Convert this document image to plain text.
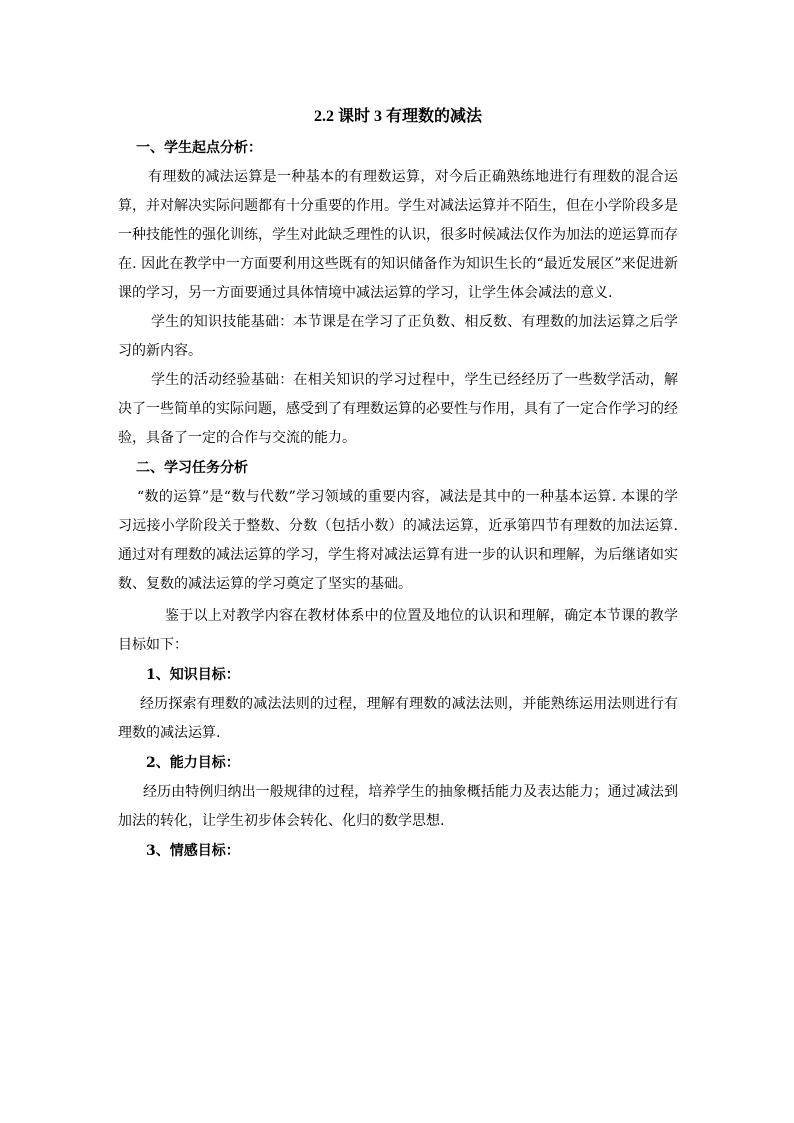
2.2 课时 3 有理数的减法
一、学生起点分析：

有理数的减法运算是一种基本的有理数运算，对今后正确熟练地进行有理数的混合运算，并对解决实际问题都有十分重要的作用。学生对减法运算并不陌生，但在小学阶段多是一种技能性的强化训练，学生对此缺乏理性的认识，很多时候减法仅作为加法的逆运算而存在. 因此在教学中一方面要利用这些既有的知识储备作为知识生长的“最近发展区”来促进新课的学习，另一方面要通过具体情境中减法运算的学习，让学生体会减法的意义.

学生的知识技能基础：本节课是在学习了正负数、相反数、有理数的加法运算之后学习的新内容。

学生的活动经验基础：在相关知识的学习过程中，学生已经经历了一些数学活动，解决了一些简单的实际问题，感受到了有理数运算的必要性与作用，具有了一定合作学习的经验，具备了一定的合作与交流的能力。

二、学习任务分析

“数的运算”是“数与代数”学习领域的重要内容，减法是其中的一种基本运算. 本课的学习远接小学阶段关于整数、分数（包括小数）的减法运算，近承第四节有理数的加法运算. 通过对有理数的减法运算的学习，学生将对减法运算有进一步的认识和理解，为后继诸如实数、复数的减法运算的学习奠定了坚实的基础。

鉴于以上对教学内容在教材体系中的位置及地位的认识和理解，确定本节课的教学目标如下：

1、知识目标：

经历探索有理数的减法法则的过程，理解有理数的减法法则，并能熟练运用法则进行有理数的减法运算.

2、能力目标：

经历由特例归纳出一般规律的过程，培养学生的抽象概括能力及表达能力；通过减法到加法的转化，让学生初步体会转化、化归的数学思想.

3、情感目标：
